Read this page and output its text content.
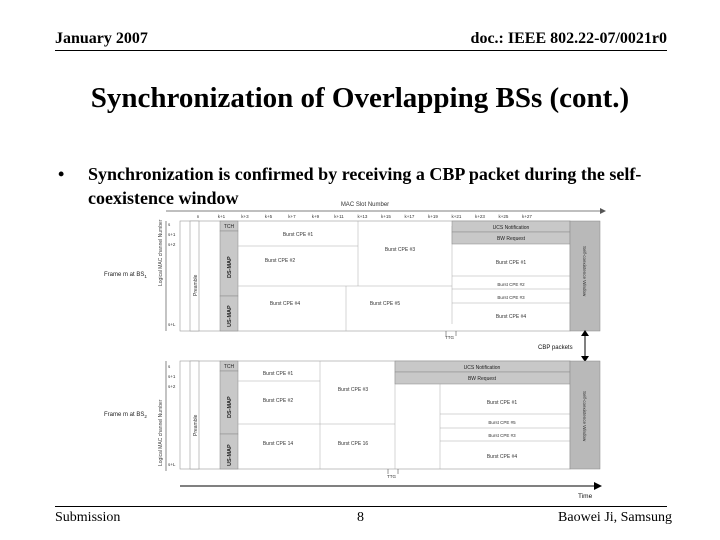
January 2007	doc.: IEEE 802.22-07/0021r0
Synchronization of Overlapping BSs (cont.)
• Synchronization is confirmed by receiving a CBP packet during the self-coexistence window	MAC Slot Number
n	k+1	k+3	k+5	k+7	k+9	k+11	k+13	k+15	k+17	k+19	k+21	k+23	k+25	k+27
Frame m at $BS_1$ Logical MAC channel Number s
s+1
s+2
s+L
Preamble
TCH
DS-MAP
US-MAP
Burst CPE #1
Burst CPE #2
Burst CPE #3
Burst CPE #4	Burst CPE #5
UCS Notification
BW Request
Burst CPE #1
Burst CPE #2
Burst CPE #3
Burst CPE #4
Self-coexistence Window
TTG
CBP packets
Frame m at $BS_2$ Logical MAC channel Number
s
s+1
s+2
s+L
Preamble
TCH
DS-MAP
US-MAP
Burst CPE #1
Burst CPE #2
Burst CPE #3
Burst CPE 14	Burst CPE 16
UCS Notification
BW Request
Burst CPE #1
Burst CPE #5
Burst CPE #3
Burst CPE #4
Self-coexistence Window
TTG
Time
Submission	8	Baowei Ji, Samsung
